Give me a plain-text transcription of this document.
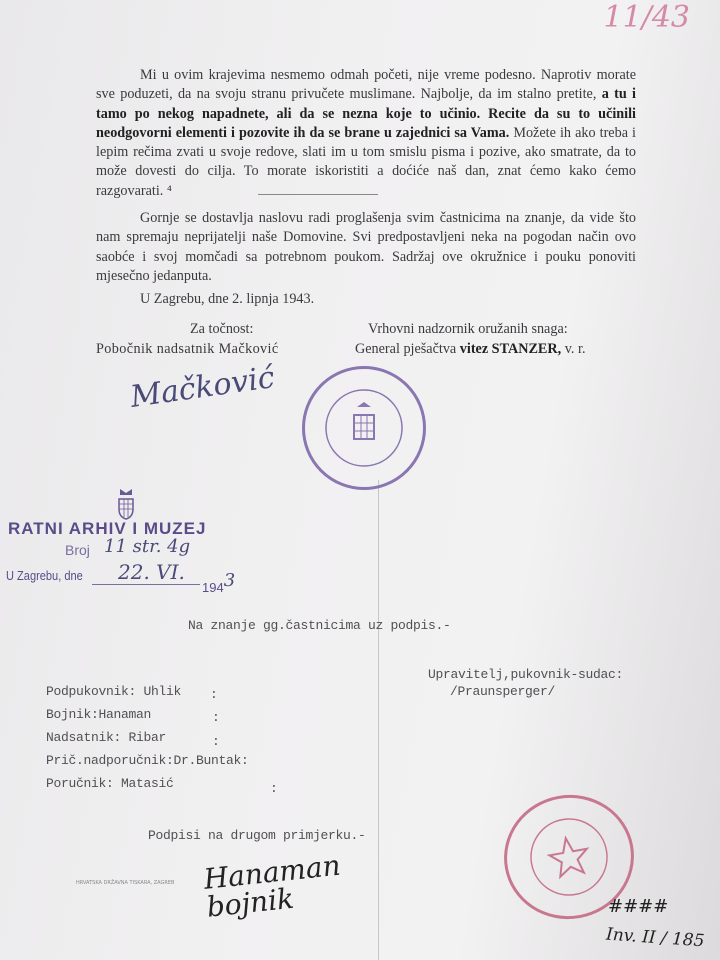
11/43

Mi u ovim krajevima nesmemo odmah početi, nije vreme podesno. Naprotiv morate sve poduzeti, da na svoju stranu privučete muslimane. Najbolje, da im stalno pretite, a tu i tamo po nekog napadnete, ali da se nezna koje to učinio. Recite da su to učinili neodgovorni elementi i pozovite ih da se brane u zajednici sa Vama. Možete ih ako treba i lepim rečima zvati u svoje redove, slati im u tom smislu pisma i pozive, ako smatrate, da to može dovesti do cilja. To morate iskoristiti a doćiće naš dan, znat ćemo kako ćemo razgovarati. ⁴

Gornje se dostavlja naslovu radi proglašenja svim častnicima na znanje, da vide što nam spremaju neprijatelji naše Domovine. Svi predpostavljeni neka na pogodan način ovo saobće i svoj momčadi sa potrebnom poukom. Sadržaj ove okružnice i pouku ponoviti mjesečno jedanputa.

U Zagrebu, dne 2. lipnja 1943.
Za točnost:
Pobočnik nadsatnik Mačković
Mačković
Vrhovni nadzornik oružanih snaga:
General pješačtva vitez STANZER, v. r.
RATNI ARHIV I MUZEJ
Broj 11 str. 4g
U Zagrebu, dne 22. VI.
1943
Na znanje gg.častnicima uz podpis.-
Upravitelj,pukovnik-sudac:
/Praunsperger/
Podpukovnik: Uhlik :
Bojnik:Hanaman	:
Nadsatnik: Ribar	:
Prič.nadporučnik:Dr.Buntak:
Poručnik: Matasić	:
Podpisi na drugom primjerku.-
HRVATSKA DRŽAVNA TISKARA, ZAGREB Hanaman bojnik	####
Inv. II / 185
